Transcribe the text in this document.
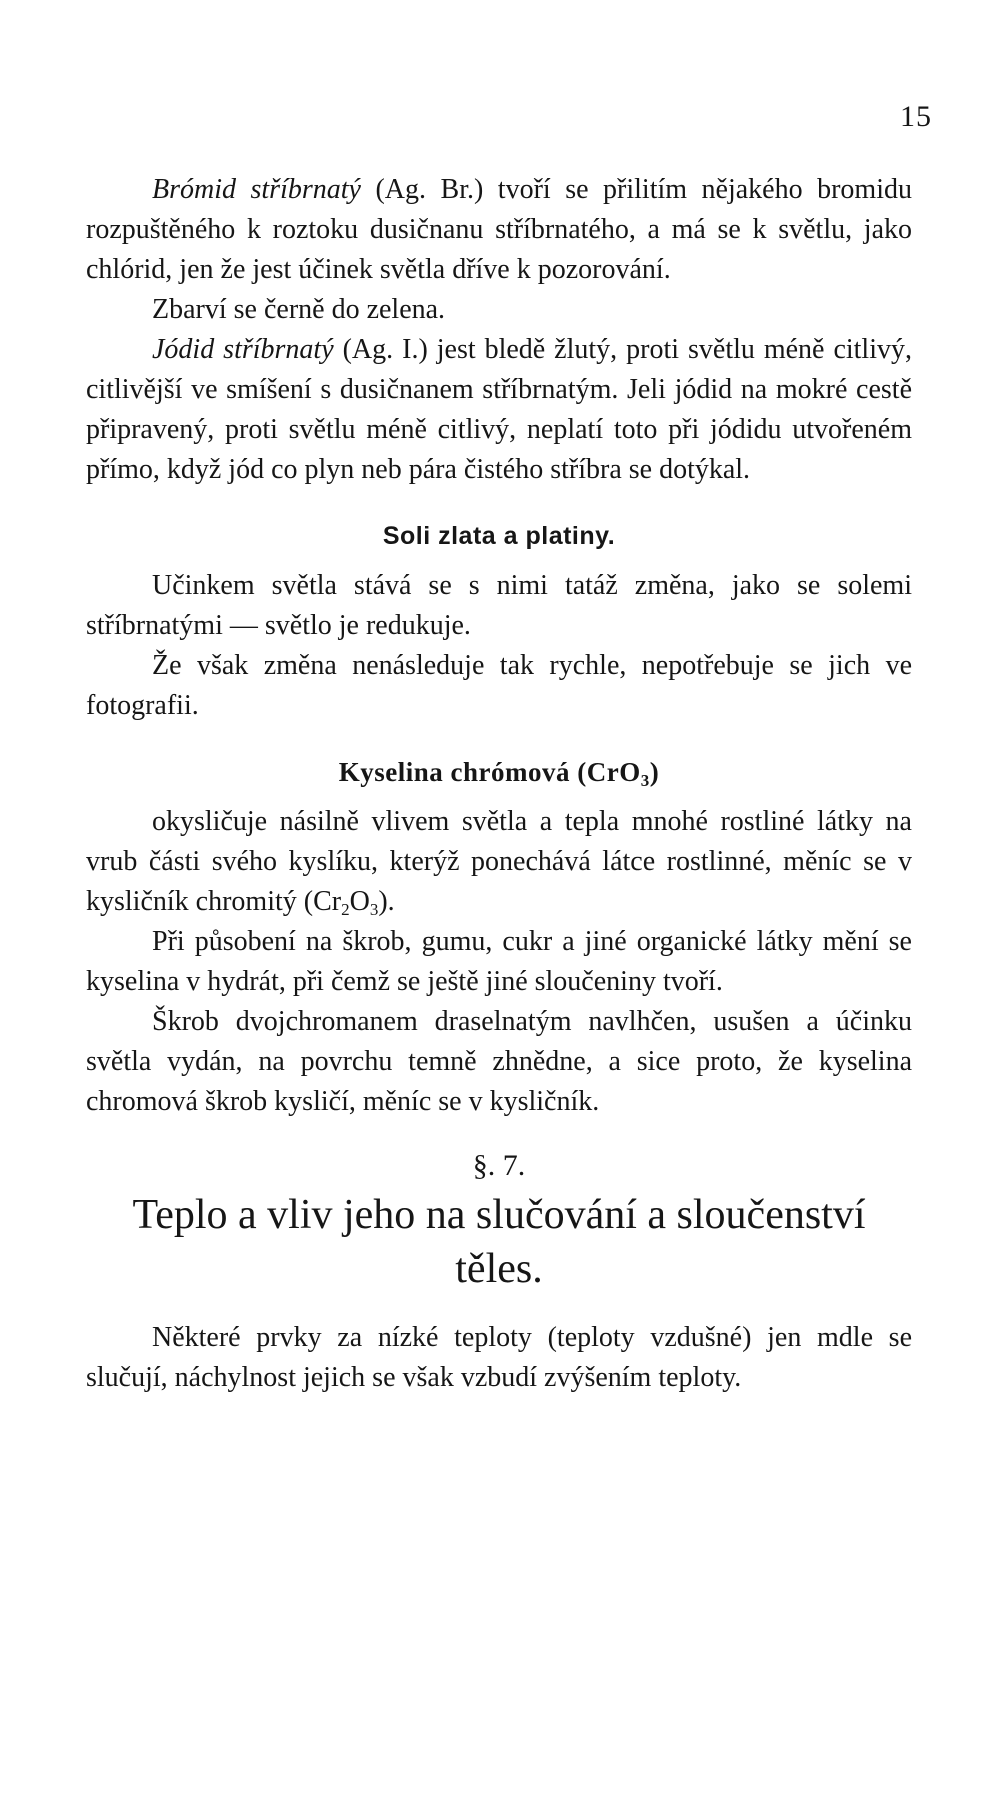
15

Brómid stříbrnatý (Ag. Br.) tvoří se přilitím nějakého bromidu rozpuštěného k roztoku dusičnanu stříbrnatého, a má se k světlu, jako chlórid, jen že jest účinek světla dříve k pozorování.

Zbarví se černě do zelena.

Jódid stříbrnatý (Ag. I.) jest bledě žlutý, proti světlu méně citlivý, citlivější ve smíšení s dusičnanem stříbrnatým. Jeli jódid na mokré cestě připravený, proti světlu méně citlivý, neplatí toto při jódidu utvořeném přímo, když jód co plyn neb pára čistého stříbra se dotýkal.

Soli zlata a platiny.

Učinkem světla stává se s nimi tatáž změna, jako se solemi stříbrnatými — světlo je redukuje.

Že však změna nenásleduje tak rychle, nepotřebuje se jich ve fotografii.

Kyselina chrómová (CrO$_3$)

okysličuje násilně vlivem světla a tepla mnohé rostliné látky na vrub části svého kyslíku, kterýž ponechává látce rostlinné, měníc se v kysličník chromitý $(Cr_2O_3)$.

Při působení na škrob, gumu, cukr a jiné organické látky mění se kyselina v hydrát, při čemž se ještě jiné sloučeniny tvoří.

Škrob dvojchromanem draselnatým navlhčen, usušen a účinku světla vydán, na povrchu temně zhnědne, a sice proto, že kyselina chromová škrob kysličí, měníc se v kysličník.

§. 7.
Teplo a vliv jeho na slučování a sloučenství těles.

Některé prvky za nízké teploty (teploty vzdušné) jen mdle se slučují, náchylnost jejich se však vzbudí zvýšením teploty.
